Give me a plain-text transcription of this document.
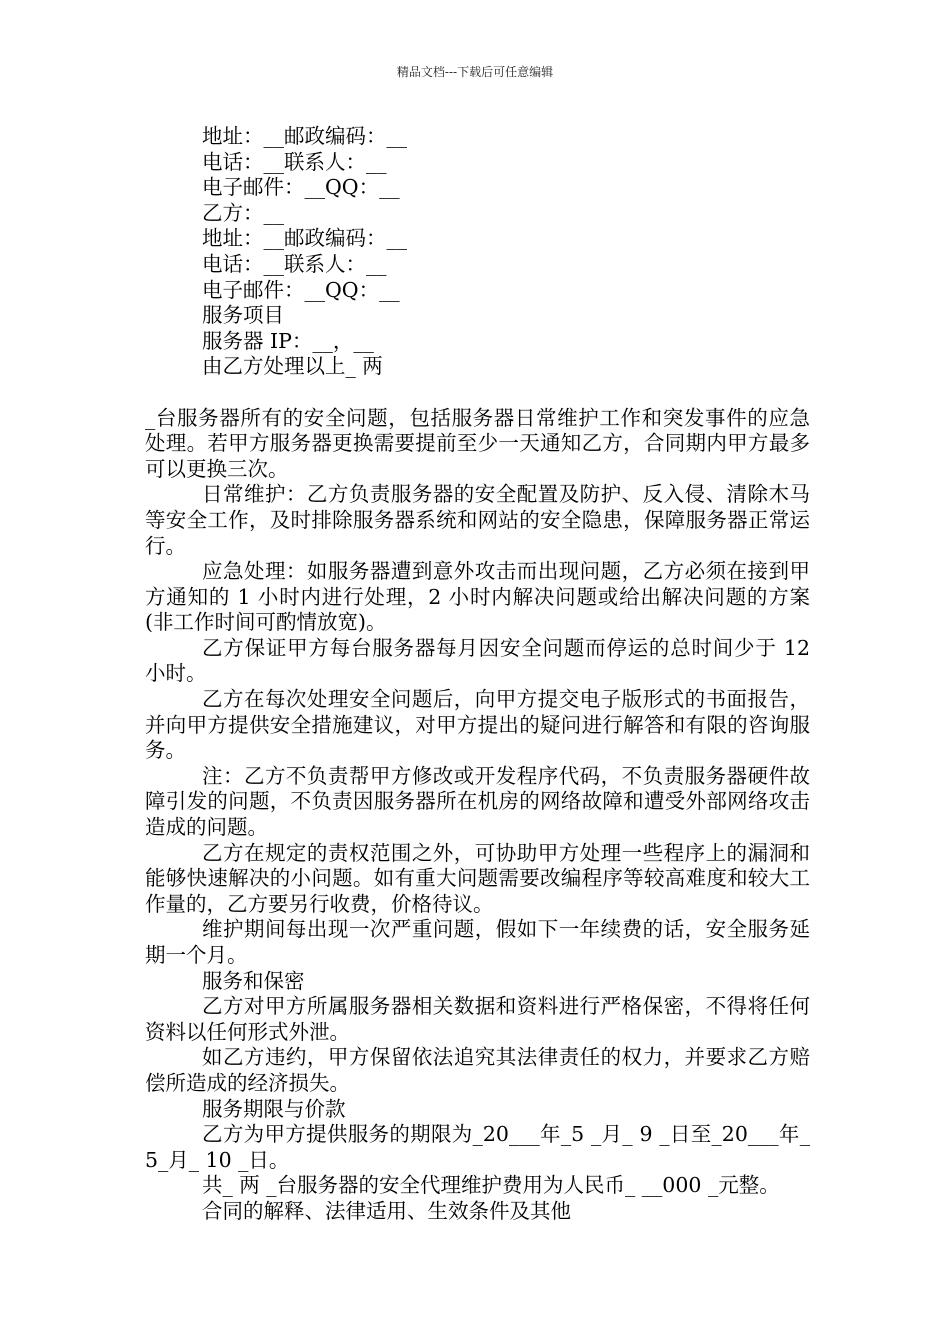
精品文档---下载后可任意编辑
地址：__邮政编码：__
电话：__联系人：__
电子邮件：__QQ：__
乙方：__
地址：__邮政编码：__
电话：__联系人：__
电子邮件：__QQ：__
服务项目
服务器 IP：__，__
由乙方处理以上_ 两

_台服务器所有的安全问题，包括服务器日常维护工作和突发事件的应急处理。若甲方服务器更换需要提前至少一天通知乙方，合同期内甲方最多可以更换三次。

日常维护：乙方负责服务器的安全配置及防护、反入侵、清除木马等安全工作，及时排除服务器系统和网站的安全隐患，保障服务器正常运行。

应急处理：如服务器遭到意外攻击而出现问题，乙方必须在接到甲方通知的 1 小时内进行处理，2 小时内解决问题或给出解决问题的方案(非工作时间可酌情放宽)。

乙方保证甲方每台服务器每月因安全问题而停运的总时间少于 12 小时。

乙方在每次处理安全问题后，向甲方提交电子版形式的书面报告，并向甲方提供安全措施建议，对甲方提出的疑问进行解答和有限的咨询服务。

注：乙方不负责帮甲方修改或开发程序代码，不负责服务器硬件故障引发的问题，不负责因服务器所在机房的网络故障和遭受外部网络攻击造成的问题。

乙方在规定的责权范围之外，可协助甲方处理一些程序上的漏洞和能够快速解决的小问题。如有重大问题需要改编程序等较高难度和较大工作量的，乙方要另行收费，价格待议。

维护期间每出现一次严重问题，假如下一年续费的话，安全服务延期一个月。

服务和保密

乙方对甲方所属服务器相关数据和资料进行严格保密，不得将任何资料以任何形式外泄。

如乙方违约，甲方保留依法追究其法律责任的权力，并要求乙方赔偿所造成的经济损失。

服务期限与价款

乙方为甲方提供服务的期限为_20___年_5 _月_ 9 _日至_20___年_ 5_月_ 10 _日。

共_ 两 _台服务器的安全代理维护费用为人民币_ __000 _元整。

合同的解释、法律适用、生效条件及其他
